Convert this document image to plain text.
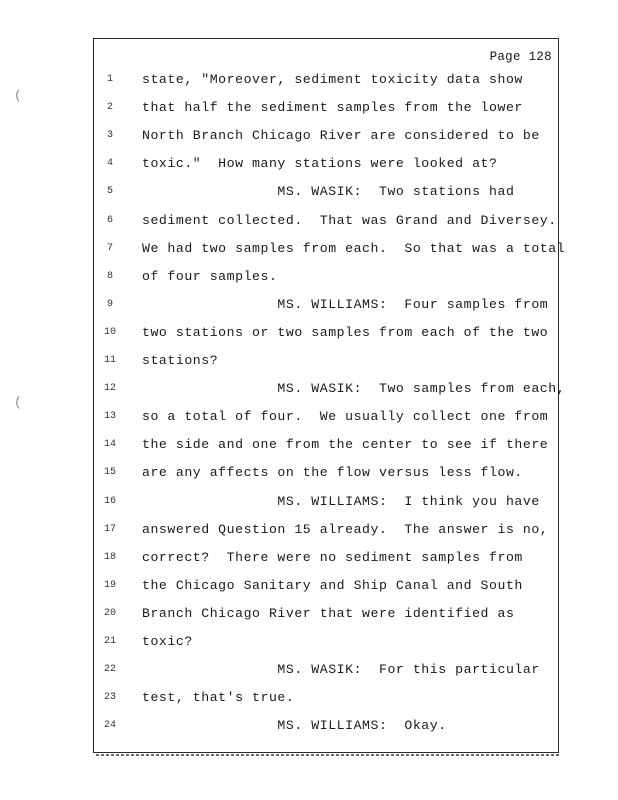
(
(
Page 128
1	state, "Moreover, sediment toxicity data show
2	that half the sediment samples from the lower
3	North Branch Chicago River are considered to be
4	toxic."  How many stations were looked at?
5	MS. WASIK:  Two stations had
6	sediment collected.  That was Grand and Diversey.
7	We had two samples from each.  So that was a total
8	of four samples.
9	MS. WILLIAMS:  Four samples from
10	two stations or two samples from each of the two
11	stations?
12	MS. WASIK:  Two samples from each,
13	so a total of four.  We usually collect one from
14	the side and one from the center to see if there
15	are any affects on the flow versus less flow.
16	MS. WILLIAMS:  I think you have
17	answered Question 15 already.  The answer is no,
18	correct?  There were no sediment samples from
19	the Chicago Sanitary and Ship Canal and South
20	Branch Chicago River that were identified as
21	toxic?
22	MS. WASIK:  For this particular
23	test, that's true.
24	MS. WILLIAMS:  Okay.
